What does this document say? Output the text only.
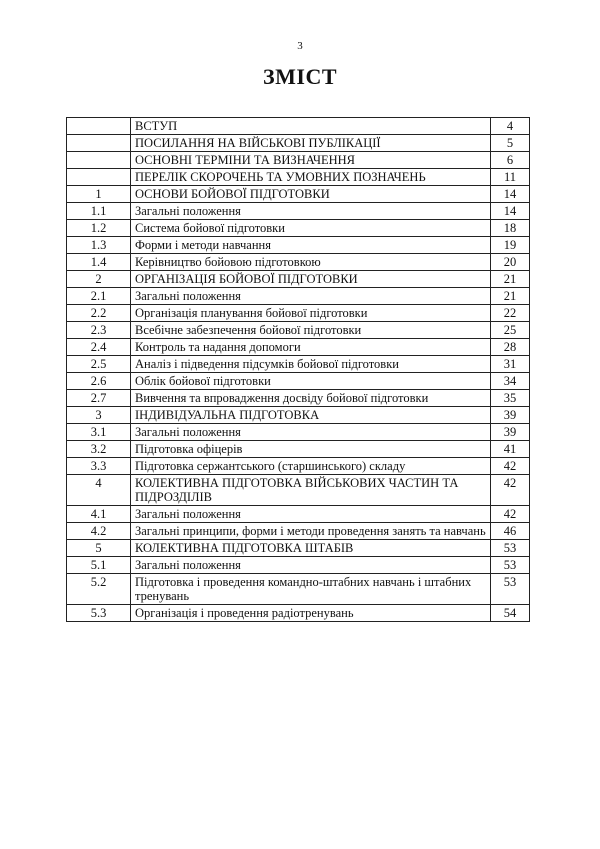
3
ЗМІСТ
	ВСТУП	4
	ПОСИЛАННЯ НА ВІЙСЬКОВІ ПУБЛІКАЦІЇ	5
	ОСНОВНІ ТЕРМІНИ ТА ВИЗНАЧЕННЯ	6
	ПЕРЕЛІК СКОРОЧЕНЬ ТА УМОВНИХ ПОЗНАЧЕНЬ	11
1	ОСНОВИ БОЙОВОЇ ПІДГОТОВКИ	14
1.1	Загальні положення	14
1.2	Система бойової підготовки	18
1.3	Форми і методи навчання	19
1.4	Керівництво бойовою підготовкою	20
2	ОРГАНІЗАЦІЯ БОЙОВОЇ ПІДГОТОВКИ	21
2.1	Загальні положення	21
2.2	Організація планування бойової підготовки	22
2.3	Всебічне забезпечення бойової підготовки	25
2.4	Контроль та надання допомоги	28
2.5	Аналіз і підведення підсумків бойової підготовки	31
2.6	Облік бойової підготовки	34
2.7	Вивчення та впровадження досвіду бойової підготовки	35
3	ІНДИВІДУАЛЬНА ПІДГОТОВКА	39
3.1	Загальні положення	39
3.2	Підготовка офіцерів	41
3.3	Підготовка сержантського (старшинського) складу	42
4	КОЛЕКТИВНА ПІДГОТОВКА ВІЙСЬКОВИХ ЧАСТИН ТА ПІДРОЗДІЛІВ	42
4.1	Загальні положення	42
4.2	Загальні принципи, форми і методи проведення занять та навчань	46
5	КОЛЕКТИВНА ПІДГОТОВКА ШТАБІВ	53
5.1	Загальні положення	53
5.2	Підготовка і проведення командно-штабних навчань і штабних тренувань	53
5.3	Організація і проведення радіотренувань	54
